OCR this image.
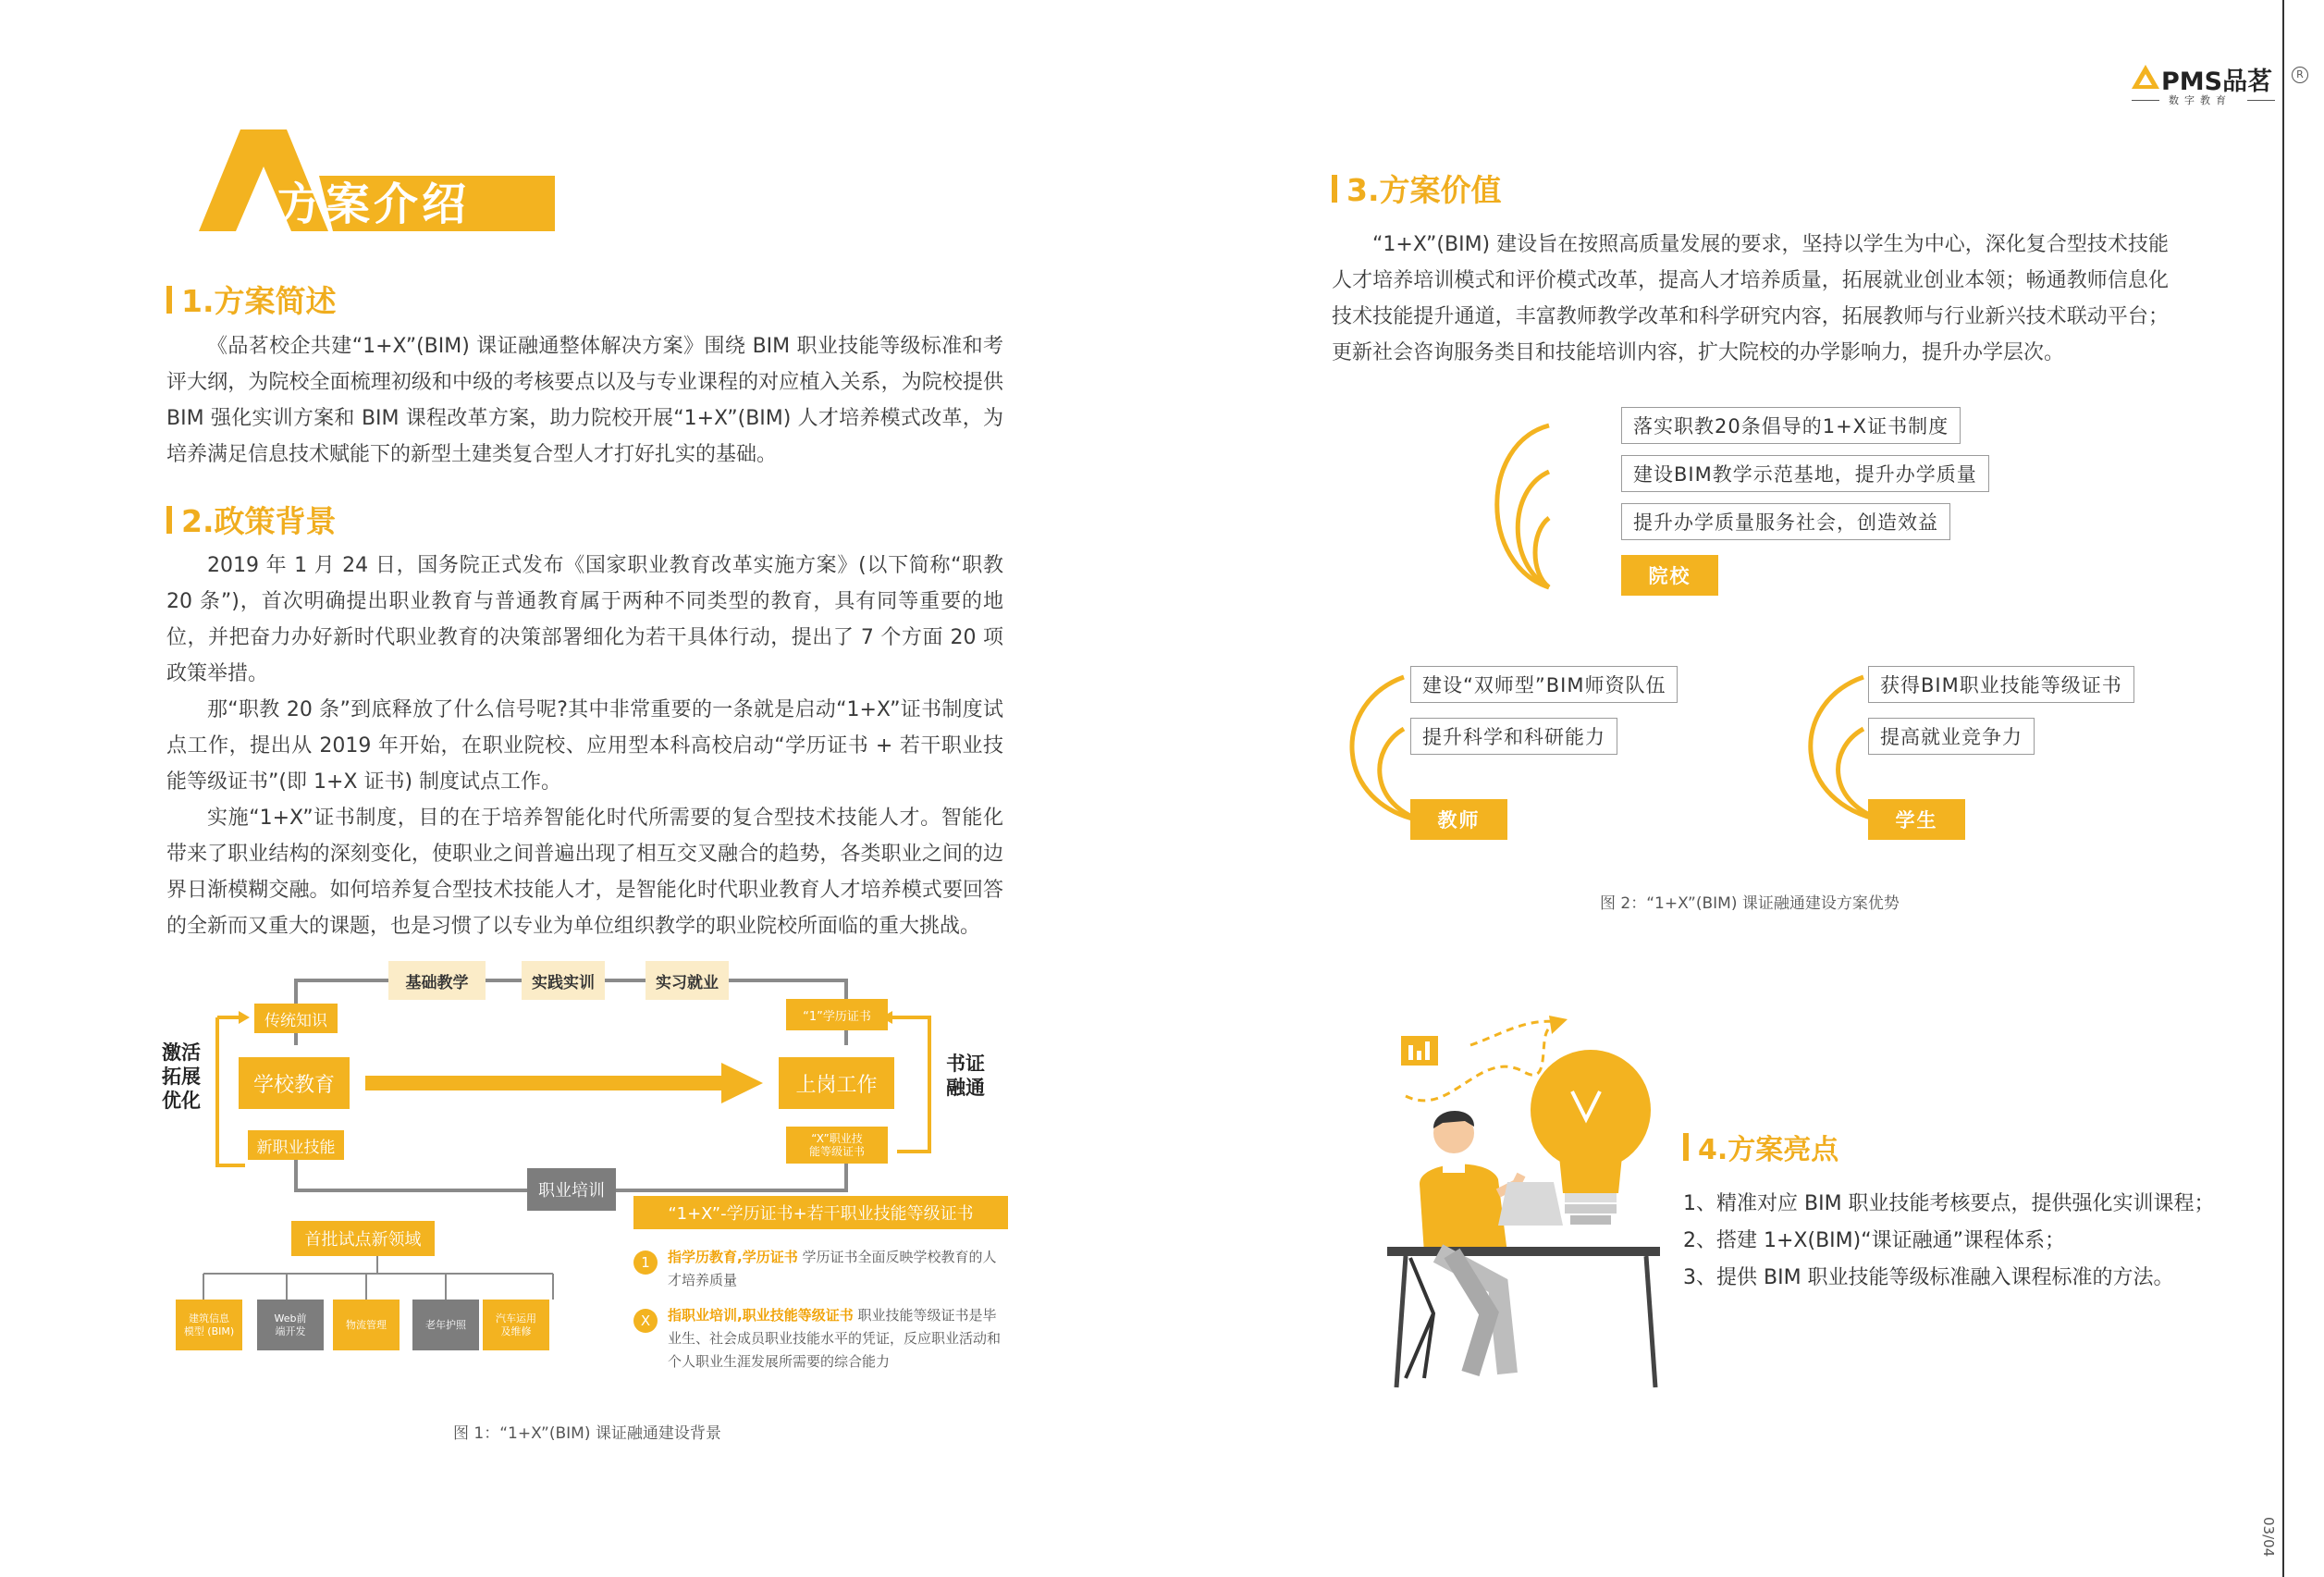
R
03/04
PMS品茗
数字教育
方案介绍
1.方案简述

《品茗校企共建“1+X”(BIM) 课证融通整体解决方案》围绕 BIM 职业技能等级标准和考评大纲，为院校全面梳理初级和中级的考核要点以及与专业课程的对应植入关系，为院校提供 BIM 强化实训方案和 BIM 课程改革方案，助力院校开展“1+X”(BIM) 人才培养模式改革，为培养满足信息技术赋能下的新型土建类复合型人才打好扎实的基础。

2.政策背景

2019 年 1 月 24 日，国务院正式发布《国家职业教育改革实施方案》(以下简称“职教 20 条”)，首次明确提出职业教育与普通教育属于两种不同类型的教育，具有同等重要的地位，并把奋力办好新时代职业教育的决策部署细化为若干具体行动，提出了 7 个方面 20 项政策举措。

那“职教 20 条”到底释放了什么信号呢?其中非常重要的一条就是启动“1+X”证书制度试点工作，提出从 2019 年开始，在职业院校、应用型本科高校启动“学历证书 + 若干职业技能等级证书”(即 1+X 证书) 制度试点工作。

实施“1+X”证书制度，目的在于培养智能化时代所需要的复合型技术技能人才。智能化带来了职业结构的深刻变化，使职业之间普遍出现了相互交叉融合的趋势，各类职业之间的边界日渐模糊交融。如何培养复合型技术技能人才，是智能化时代职业教育人才培养模式要回答的全新而又重大的课题，也是习惯了以专业为单位组织教学的职业院校所面临的重大挑战。

基础教学	实践实训	实习就业
激活
拓展
优化
书证
融通
传统知识
学校教育
新职业技能
“1”学历证书
上岗工作
“X”职业技
能等级证书
职业培训
“1+X”-学历证书+若干职业技能等级证书
首批试点新领域
建筑信息
模型 (BIM)
Web前
端开发
物流管理	老年护照
汽车运用
及维修
1	指学历教育,学历证书 学历证书全面反映学校教育的人才培养质量
X	指职业培训,职业技能等级证书 职业技能等级证书是毕业生、社会成员职业技能水平的凭证，反应职业活动和个人职业生涯发展所需要的综合能力
图 1：“1+X”(BIM) 课证融通建设背景
3.方案价值

“1+X”(BIM) 建设旨在按照高质量发展的要求，坚持以学生为中心，深化复合型技术技能人才培养培训模式和评价模式改革，提高人才培养质量，拓展就业创业本领；畅通教师信息化技术技能提升通道，丰富教师教学改革和科学研究内容，拓展教师与行业新兴技术联动平台；更新社会咨询服务类目和技能培训内容，扩大院校的办学影响力，提升办学层次。

落实职教20条倡导的1+X证书制度
建设BIM教学示范基地，提升办学质量
提升办学质量服务社会，创造效益
院校
建设“双师型”BIM师资队伍
提升科学和科研能力
教师
获得BIM职业技能等级证书
提高就业竞争力
学生
图 2：“1+X”(BIM) 课证融通建设方案优势
4.方案亮点
1、精准对应 BIM 职业技能考核要点，提供强化实训课程；
2、搭建 1+X(BIM)“课证融通”课程体系；
3、提供 BIM 职业技能等级标准融入课程标准的方法。
